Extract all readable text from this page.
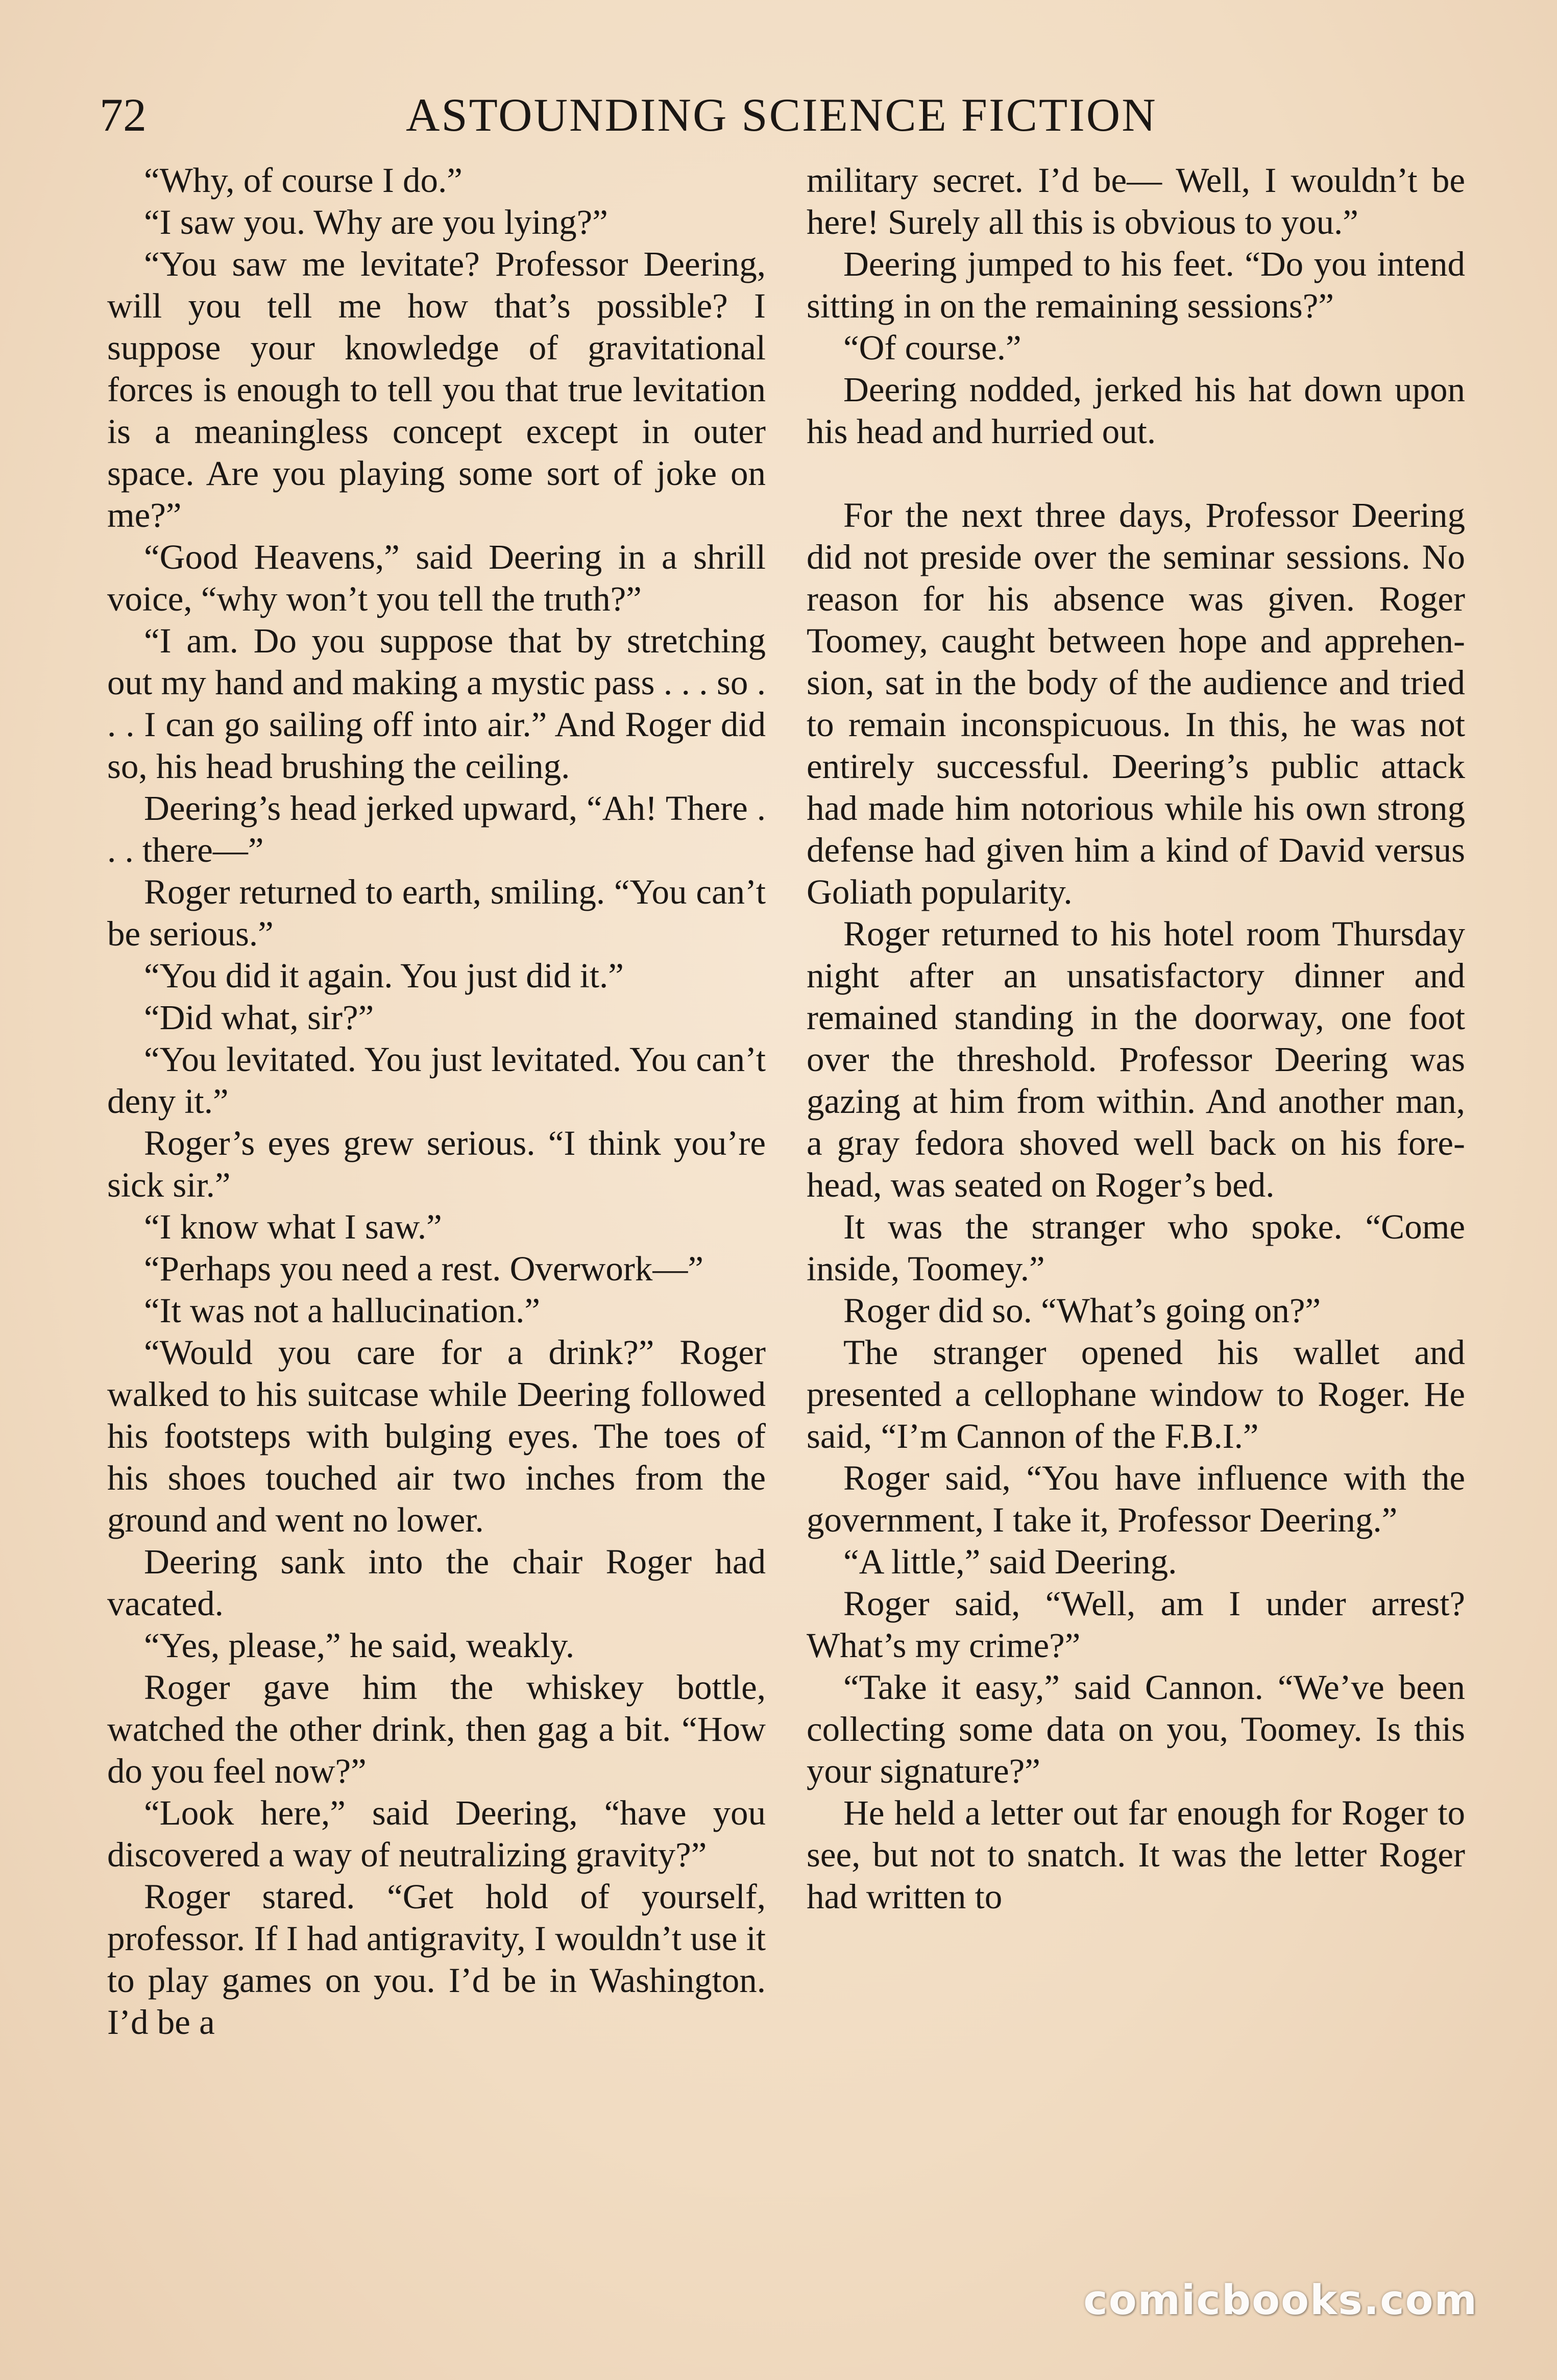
72	ASTOUNDING SCIENCE FICTION

“Why, of course I do.”

“I saw you. Why are you lying?”

“You saw me levitate? Professor Deering, will you tell me how that’s possible? I suppose your knowledge of gravitational forces is enough to tell you that true levitation is a meaningless concept except in outer space. Are you playing some sort of joke on me?”

“Good Heavens,” said Deering in a shrill voice, “why won’t you tell the truth?”

“I am. Do you suppose that by stretching out my hand and making a mystic pass . . . so . . . I can go sailing off into air.” And Roger did so, his head brushing the ceiling.

Deering’s head jerked upward, “Ah! There . . . there—”

Roger returned to earth, smiling. “You can’t be serious.”

“You did it again. You just did it.”

“Did what, sir?”

“You levitated. You just levitated. You can’t deny it.”

Roger’s eyes grew serious. “I think you’re sick sir.”

“I know what I saw.”

“Perhaps you need a rest. Overwork—”

“It was not a hallucination.”

“Would you care for a drink?” Roger walked to his suitcase while Deering followed his footsteps with bulging eyes. The toes of his shoes touched air two inches from the ground and went no lower.

Deering sank into the chair Roger had vacated.

“Yes, please,” he said, weakly.

Roger gave him the whiskey bottle, watched the other drink, then gag a bit. “How do you feel now?”

“Look here,” said Deering, “have you discovered a way of neutralizing gravity?”

Roger stared. “Get hold of yourself, professor. If I had antigravity, I wouldn’t use it to play games on you. I’d be in Washington. I’d be a

military secret. I’d be— Well, I wouldn’t be here! Surely all this is obvious to you.”

Deering jumped to his feet. “Do you intend sitting in on the remaining sessions?”

“Of course.”

Deering nodded, jerked his hat down upon his head and hurried out.

For the next three days, Professor Deering did not preside over the seminar sessions. No reason for his absence was given. Roger Toomey, caught between hope and apprehension, sat in the body of the audience and tried to remain inconspicuous. In this, he was not entirely successful. Deering’s public attack had made him notorious while his own strong defense had given him a kind of David versus Goliath popularity.

Roger returned to his hotel room Thursday night after an unsatisfactory dinner and remained standing in the doorway, one foot over the threshold. Professor Deering was gazing at him from within. And another man, a gray fedora shoved well back on his forehead, was seated on Roger’s bed.

It was the stranger who spoke. “Come inside, Toomey.”

Roger did so. “What’s going on?”

The stranger opened his wallet and presented a cellophane window to Roger. He said, “I’m Cannon of the F.B.I.”

Roger said, “You have influence with the government, I take it, Professor Deering.”

“A little,” said Deering.

Roger said, “Well, am I under arrest? What’s my crime?”

“Take it easy,” said Cannon. “We’ve been collecting some data on you, Toomey. Is this your signature?”

He held a letter out far enough for Roger to see, but not to snatch. It was the letter Roger had written to

comicbooks.com
